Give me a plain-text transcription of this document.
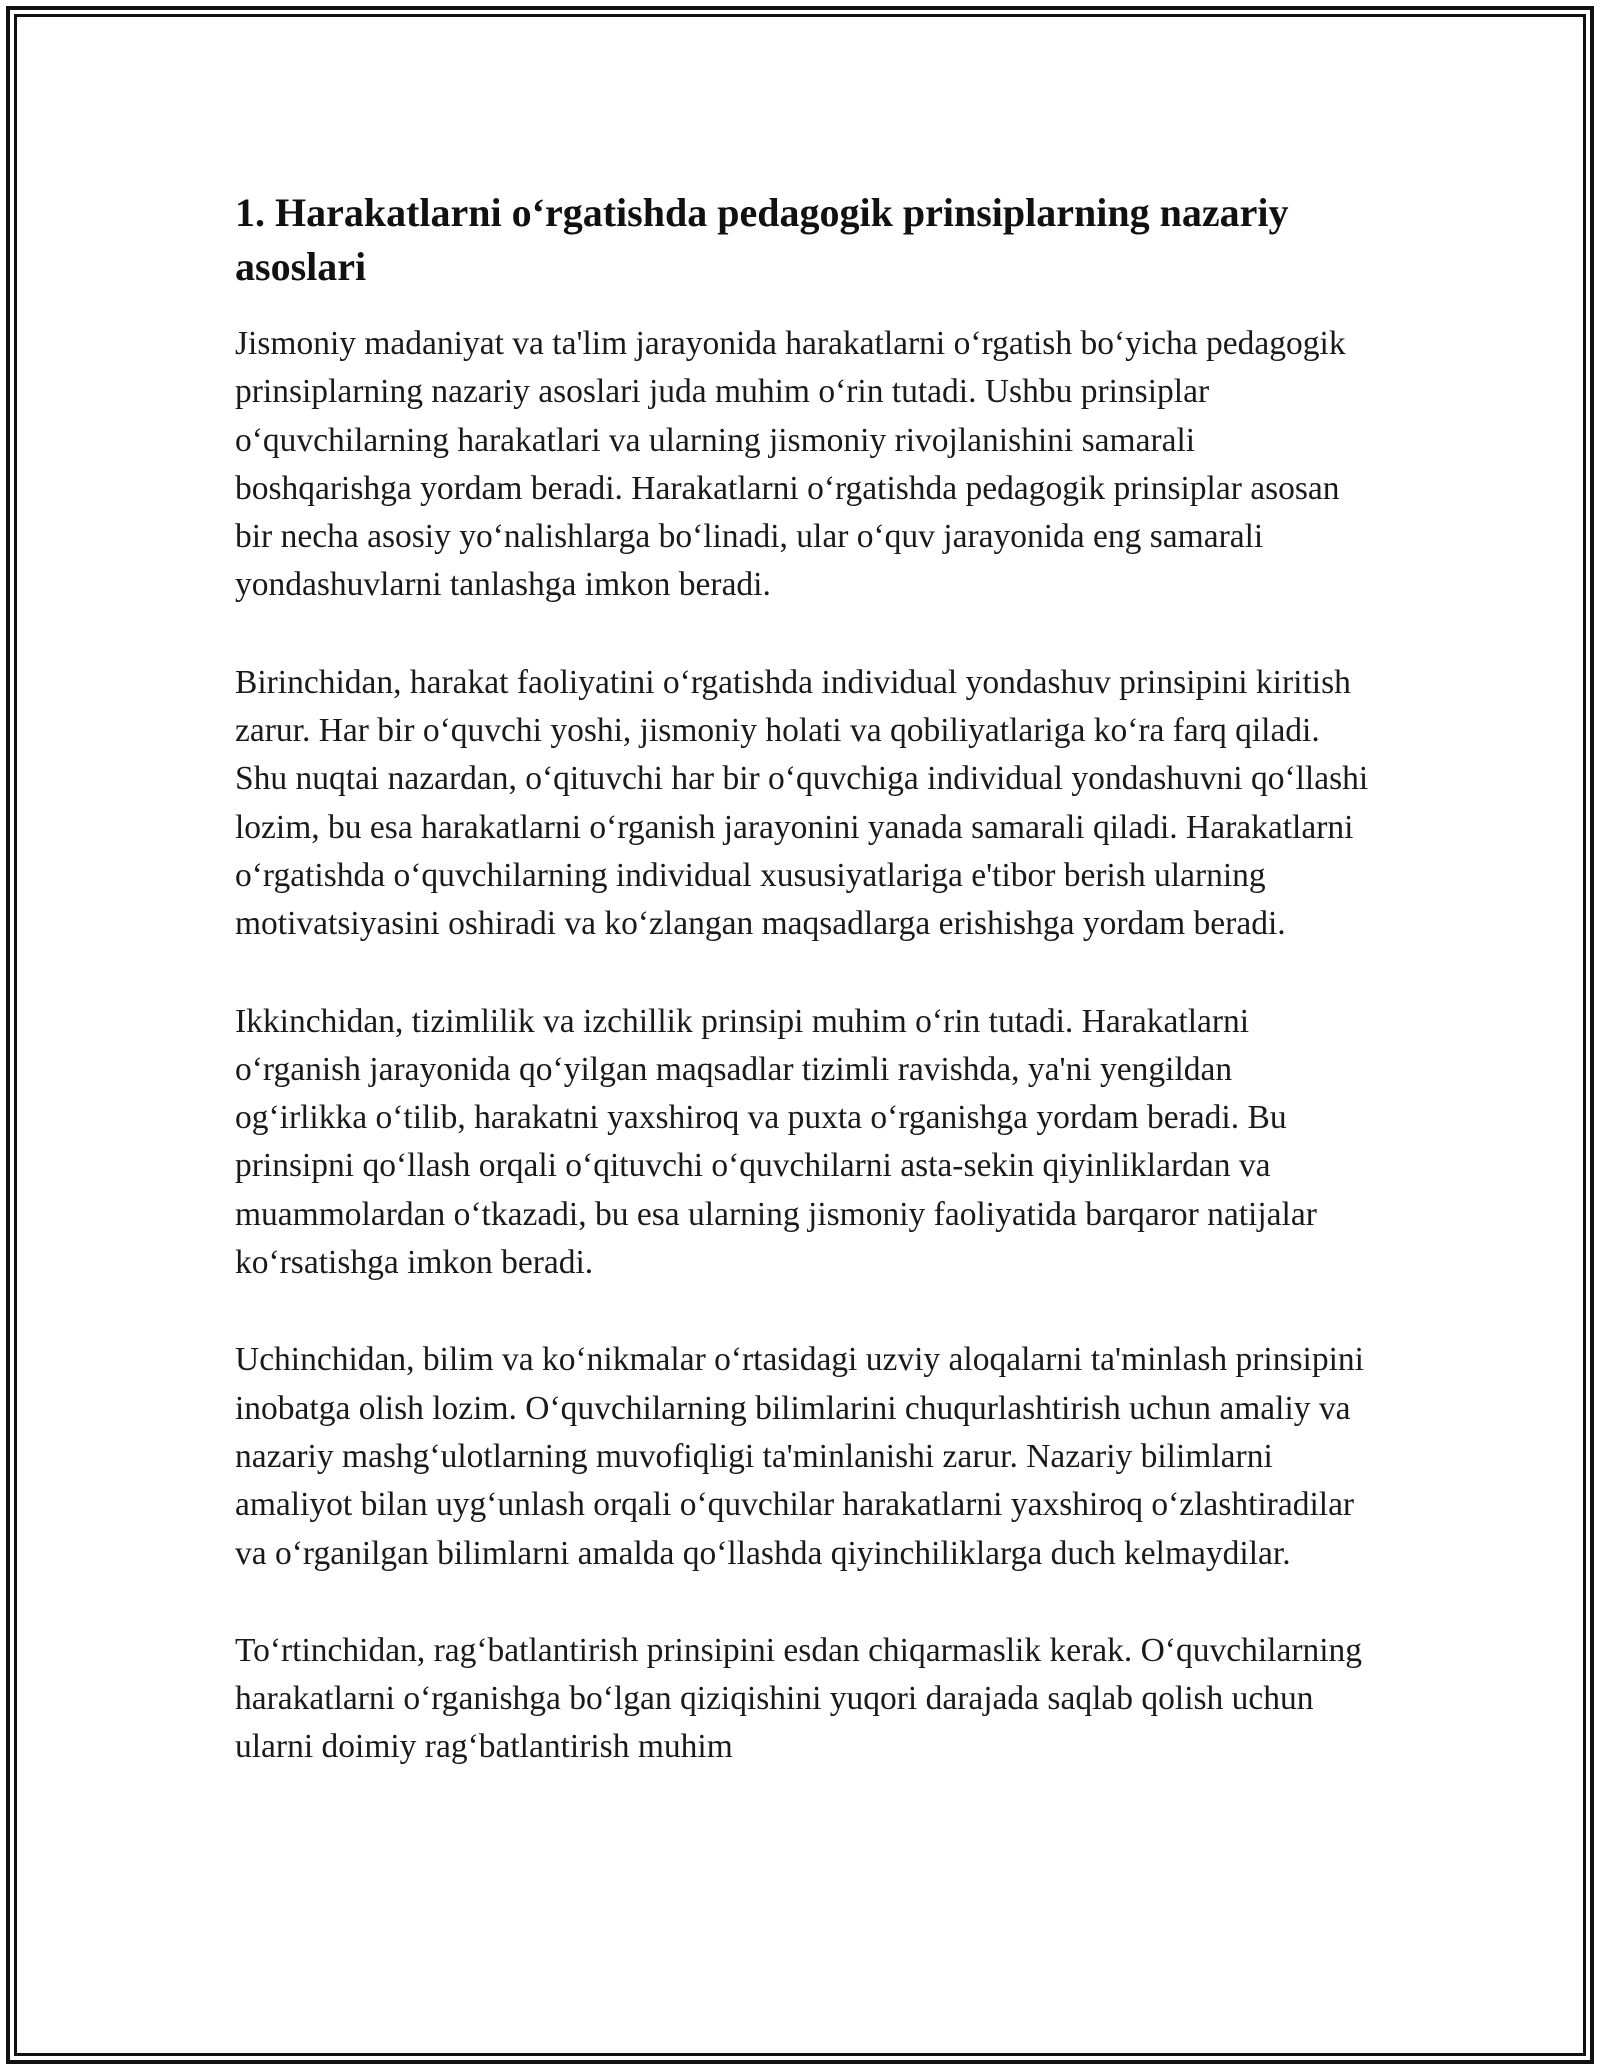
1. Harakatlarni o‘rgatishda pedagogik prinsiplarning nazariy asoslari

Jismoniy madaniyat va ta'lim jarayonida harakatlarni o‘rgatish bo‘yicha pedagogik prinsiplarning nazariy asoslari juda muhim o‘rin tutadi. Ushbu prinsiplar o‘quvchilarning harakatlari va ularning jismoniy rivojlanishini samarali boshqarishga yordam beradi. Harakatlarni o‘rgatishda pedagogik prinsiplar asosan bir necha asosiy yo‘nalishlarga bo‘linadi, ular o‘quv jarayonida eng samarali yondashuvlarni tanlashga imkon beradi.

Birinchidan, harakat faoliyatini o‘rgatishda individual yondashuv prinsipini kiritish zarur. Har bir o‘quvchi yoshi, jismoniy holati va qobiliyatlariga ko‘ra farq qiladi. Shu nuqtai nazardan, o‘qituvchi har bir o‘quvchiga individual yondashuvni qo‘llashi lozim, bu esa harakatlarni o‘rganish jarayonini yanada samarali qiladi. Harakatlarni o‘rgatishda o‘quvchilarning individual xususiyatlariga e'tibor berish ularning motivatsiyasini oshiradi va ko‘zlangan maqsadlarga erishishga yordam beradi.

Ikkinchidan, tizimlilik va izchillik prinsipi muhim o‘rin tutadi. Harakatlarni o‘rganish jarayonida qo‘yilgan maqsadlar tizimli ravishda, ya'ni yengildan og‘irlikka o‘tilib, harakatni yaxshiroq va puxta o‘rganishga yordam beradi. Bu prinsipni qo‘llash orqali o‘qituvchi o‘quvchilarni asta-sekin qiyinliklardan va muammolardan o‘tkazadi, bu esa ularning jismoniy faoliyatida barqaror natijalar ko‘rsatishga imkon beradi.

Uchinchidan, bilim va ko‘nikmalar o‘rtasidagi uzviy aloqalarni ta'minlash prinsipini inobatga olish lozim. O‘quvchilarning bilimlarini chuqurlashtirish uchun amaliy va nazariy mashg‘ulotlarning muvofiqligi ta'minlanishi zarur. Nazariy bilimlarni amaliyot bilan uyg‘unlash orqali o‘quvchilar harakatlarni yaxshiroq o‘zlashtiradilar va o‘rganilgan bilimlarni amalda qo‘llashda qiyinchiliklarga duch kelmaydilar.

To‘rtinchidan, rag‘batlantirish prinsipini esdan chiqarmaslik kerak. O‘quvchilarning harakatlarni o‘rganishga bo‘lgan qiziqishini yuqori darajada saqlab qolish uchun ularni doimiy rag‘batlantirish muhim
